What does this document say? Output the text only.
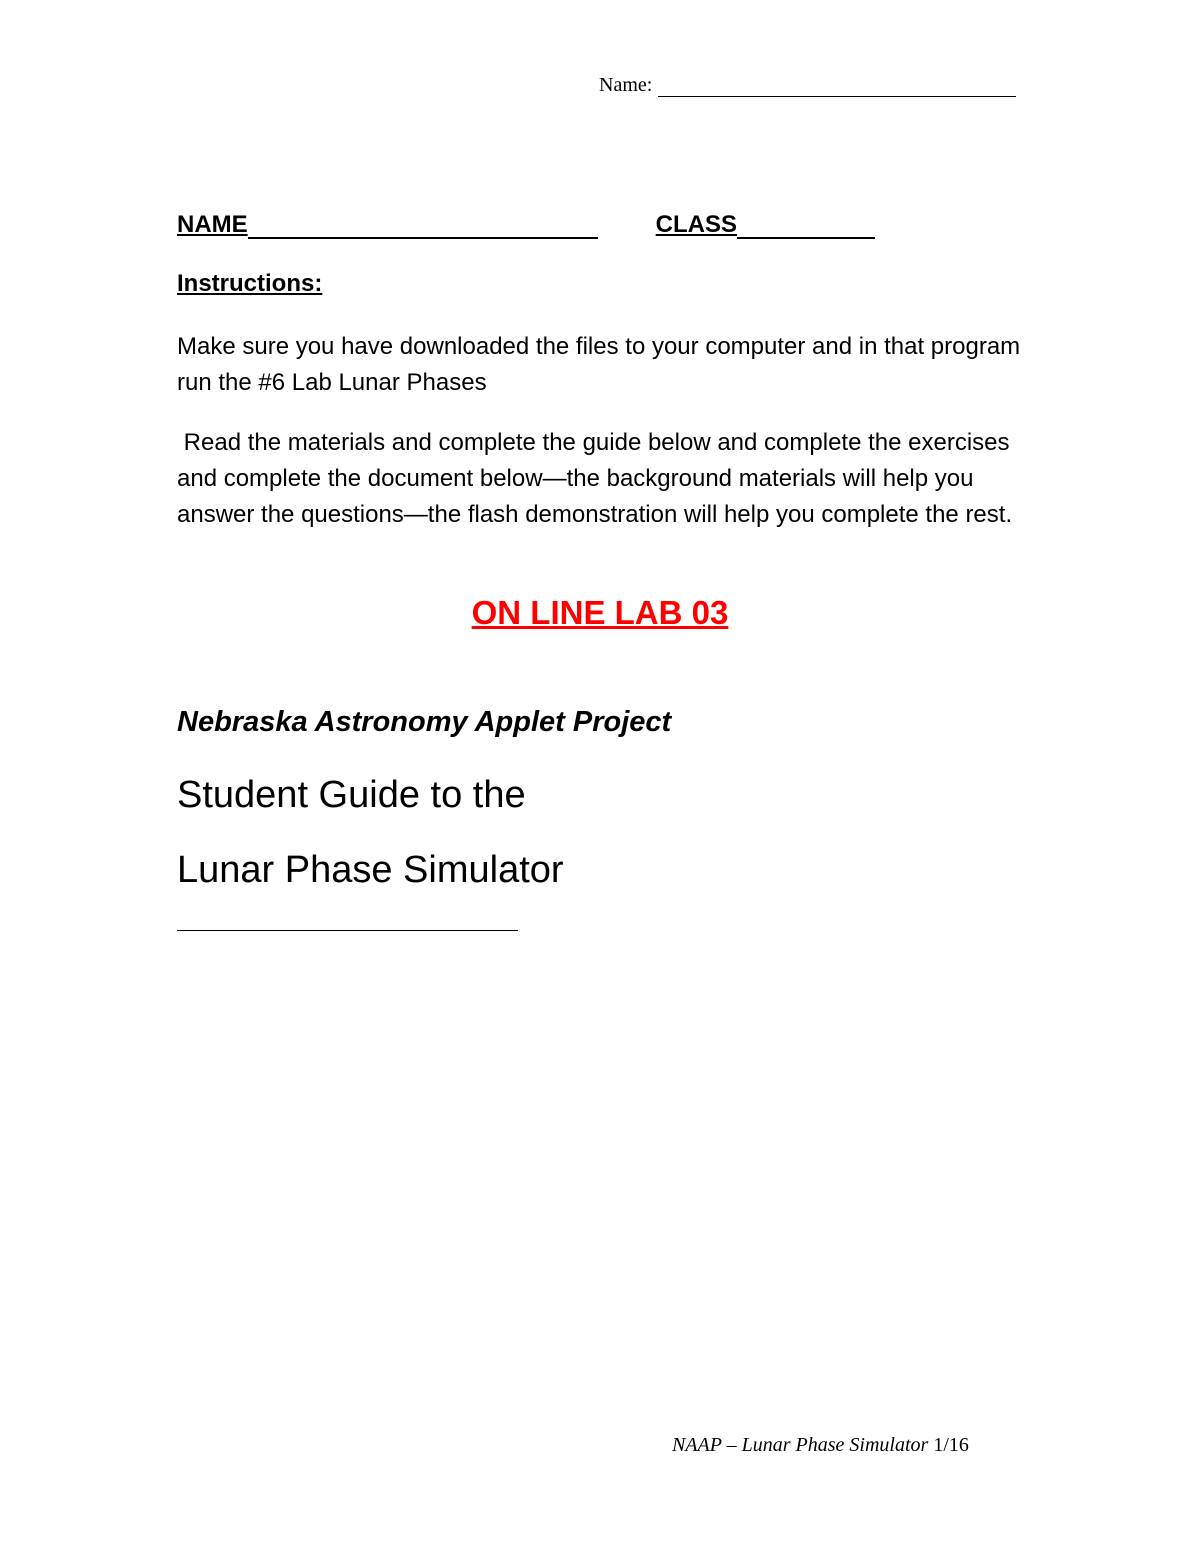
Name:
NAME	CLASS
Instructions:

Make sure you have downloaded the files to your computer and in that program run the #6 Lab Lunar Phases

Read the materials and complete the guide below and complete the exercises and complete the document below—the background materials will help you answer the questions—the flash demonstration will help you complete the rest.

ON LINE LAB 03
Nebraska Astronomy Applet Project
Student Guide to the
Lunar Phase Simulator
NAAP – Lunar Phase Simulator 1/16
